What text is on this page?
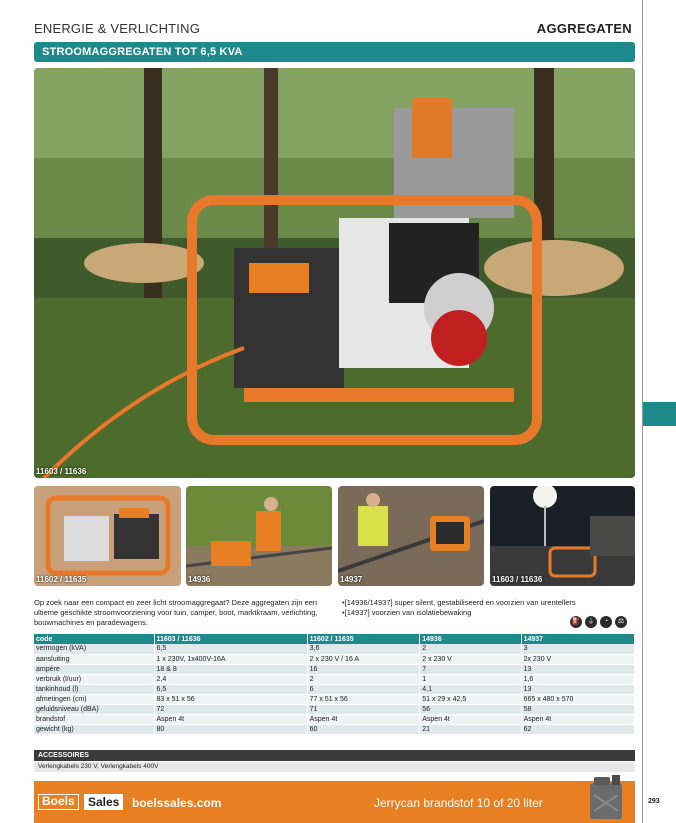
ENERGIE & VERLICHTING	AGGREGATEN
STROOMAGGREGATEN TOT 6,5 KVA
11603 / 11636
11602 / 11635	14936	14937	11603 / 11636
Op zoek naar een compact en zeer licht stroomaggregaat? Deze aggregaten zijn een ultieme geschikte stroomvoorziening voor tuin, camper, boot, marktkraam, verlichting, bouwmachines en paradewagens.
• [14936/14937] super silent, gestabiliseerd en voorzien van urentellers
• [14937] voorzien van isolatiebewaking
⛽	⏚	◔	⚖
code	11603 / 11636	11602 / 11635	14936	14937
vermogen (kVA)	6,5	3,6	2	3
aansluiting	1 x 230V, 1x400V-16A	2 x 230 V / 16 A	2 x 230 V	2x 230 V
ampère	18 & 8	16	7	13
verbruik (l/uur)	2,4	2	1	1,6
tankinhoud (l)	6,5	6	4,1	13
afmetingen (cm)	83 x 51 x 56	77 x 51 x 56	51 x 29 x 42,5	665 x 480 x 570
geluidsniveau (dBA)	72	71	56	58
brandstof	Aspen 4t	Aspen 4t	Aspen 4t	Aspen 4t
gewicht (kg)	80	60	21	62
ACCESSOIRES
Verlengkabels 230 V, Verlengkabels 400V
Boels	Sales	boelssales.com	Jerrycan brandstof 10 of 20 liter	293
